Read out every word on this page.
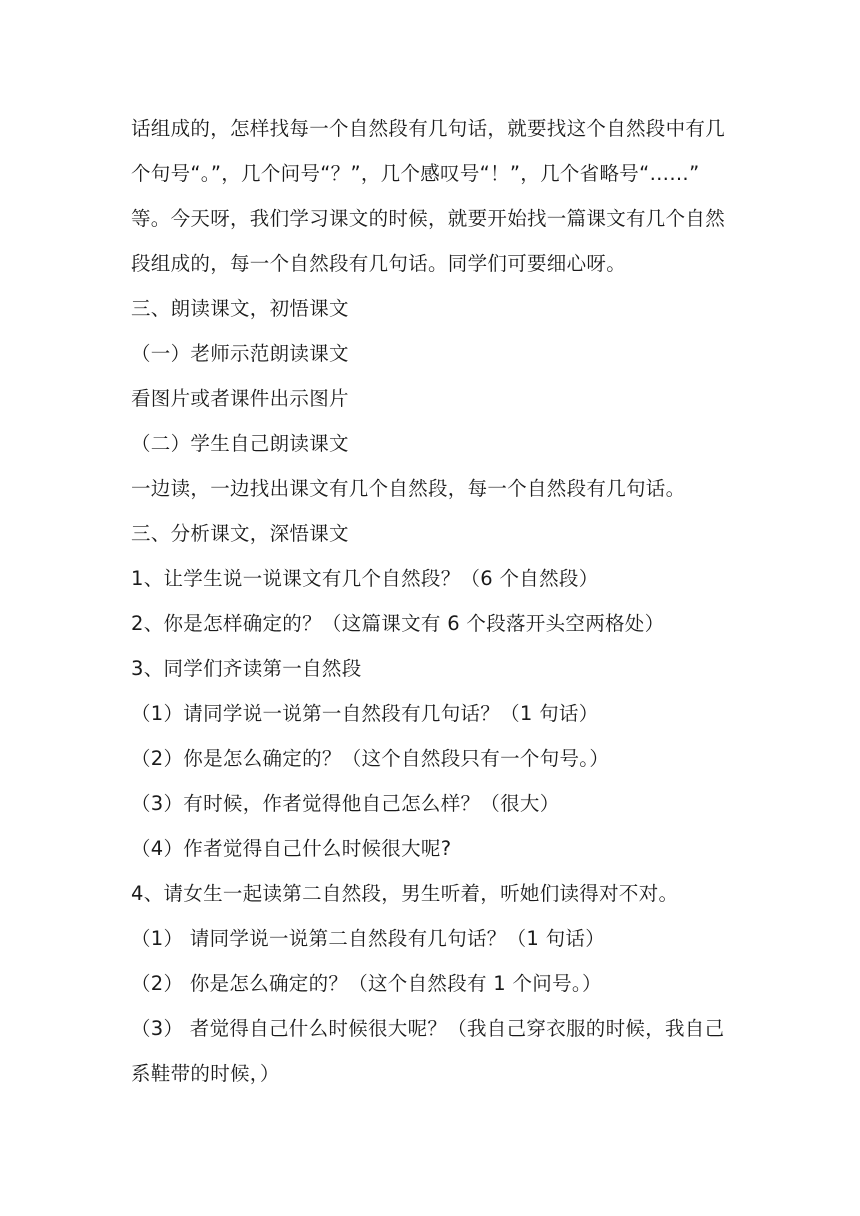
话组成的，怎样找每一个自然段有几句话，就要找这个自然段中有几
个句号“。”，几个问号“？”，几个感叹号“！”，几个省略号“……”
等。今天呀，我们学习课文的时候，就要开始找一篇课文有几个自然
段组成的，每一个自然段有几句话。同学们可要细心呀。
三、朗读课文，初悟课文
（一）老师示范朗读课文
看图片或者课件出示图片
（二）学生自己朗读课文
一边读，一边找出课文有几个自然段，每一个自然段有几句话。
三、分析课文，深悟课文
1、让学生说一说课文有几个自然段？（6 个自然段）
2、你是怎样确定的？（这篇课文有 6 个段落开头空两格处）
3、同学们齐读第一自然段
（1）请同学说一说第一自然段有几句话？（1 句话）
（2）你是怎么确定的？（这个自然段只有一个句号。）
（3）有时候，作者觉得他自己怎么样？（很大）
（4）作者觉得自己什么时候很大呢?
4、请女生一起读第二自然段，男生听着，听她们读得对不对。
（1） 请同学说一说第二自然段有几句话？（1 句话）
（2） 你是怎么确定的？（这个自然段有 1 个问号。）
（3） 者觉得自己什么时候很大呢？（我自己穿衣服的时候，我自己
系鞋带的时候，）
